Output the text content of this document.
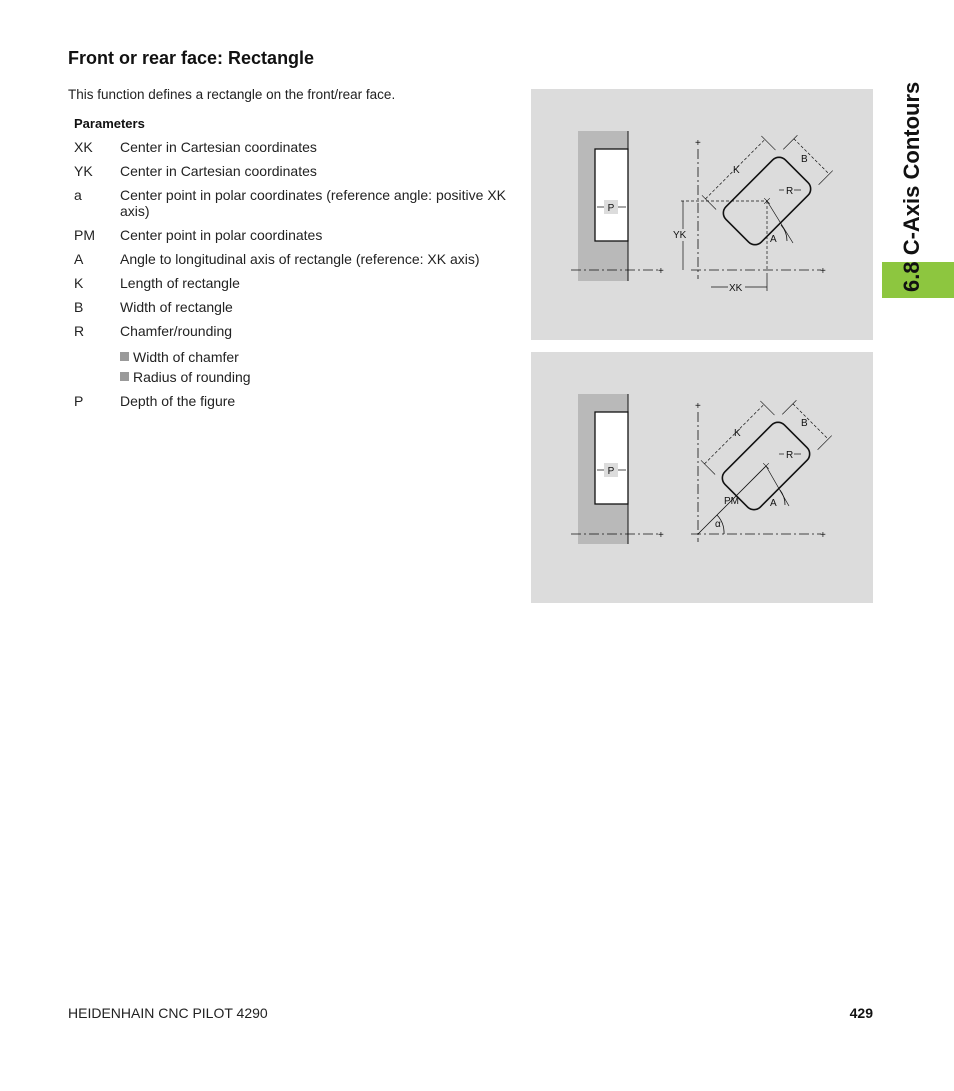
Front or rear face: Rectangle
This function defines a rectangle on the front/rear face.
Parameters
XK	Center in Cartesian coordinates
YK	Center in Cartesian coordinates
a	Center point in polar coordinates (reference angle: positive XK axis)
PM	Center point in polar coordinates
A	Angle to longitudinal axis of rectangle (reference: XK axis)
K	Length of rectangle
B	Width of rectangle
R	Chamfer/rounding
Width of chamfer
Radius of rounding
P	Depth of the figure
P
+
+
+
YK
XK
A
K
B
R
P
+
+
+
α
PM	A
K
B
R
6.8 C-Axis Contours
HEIDENHAIN CNC PILOT 4290	429
